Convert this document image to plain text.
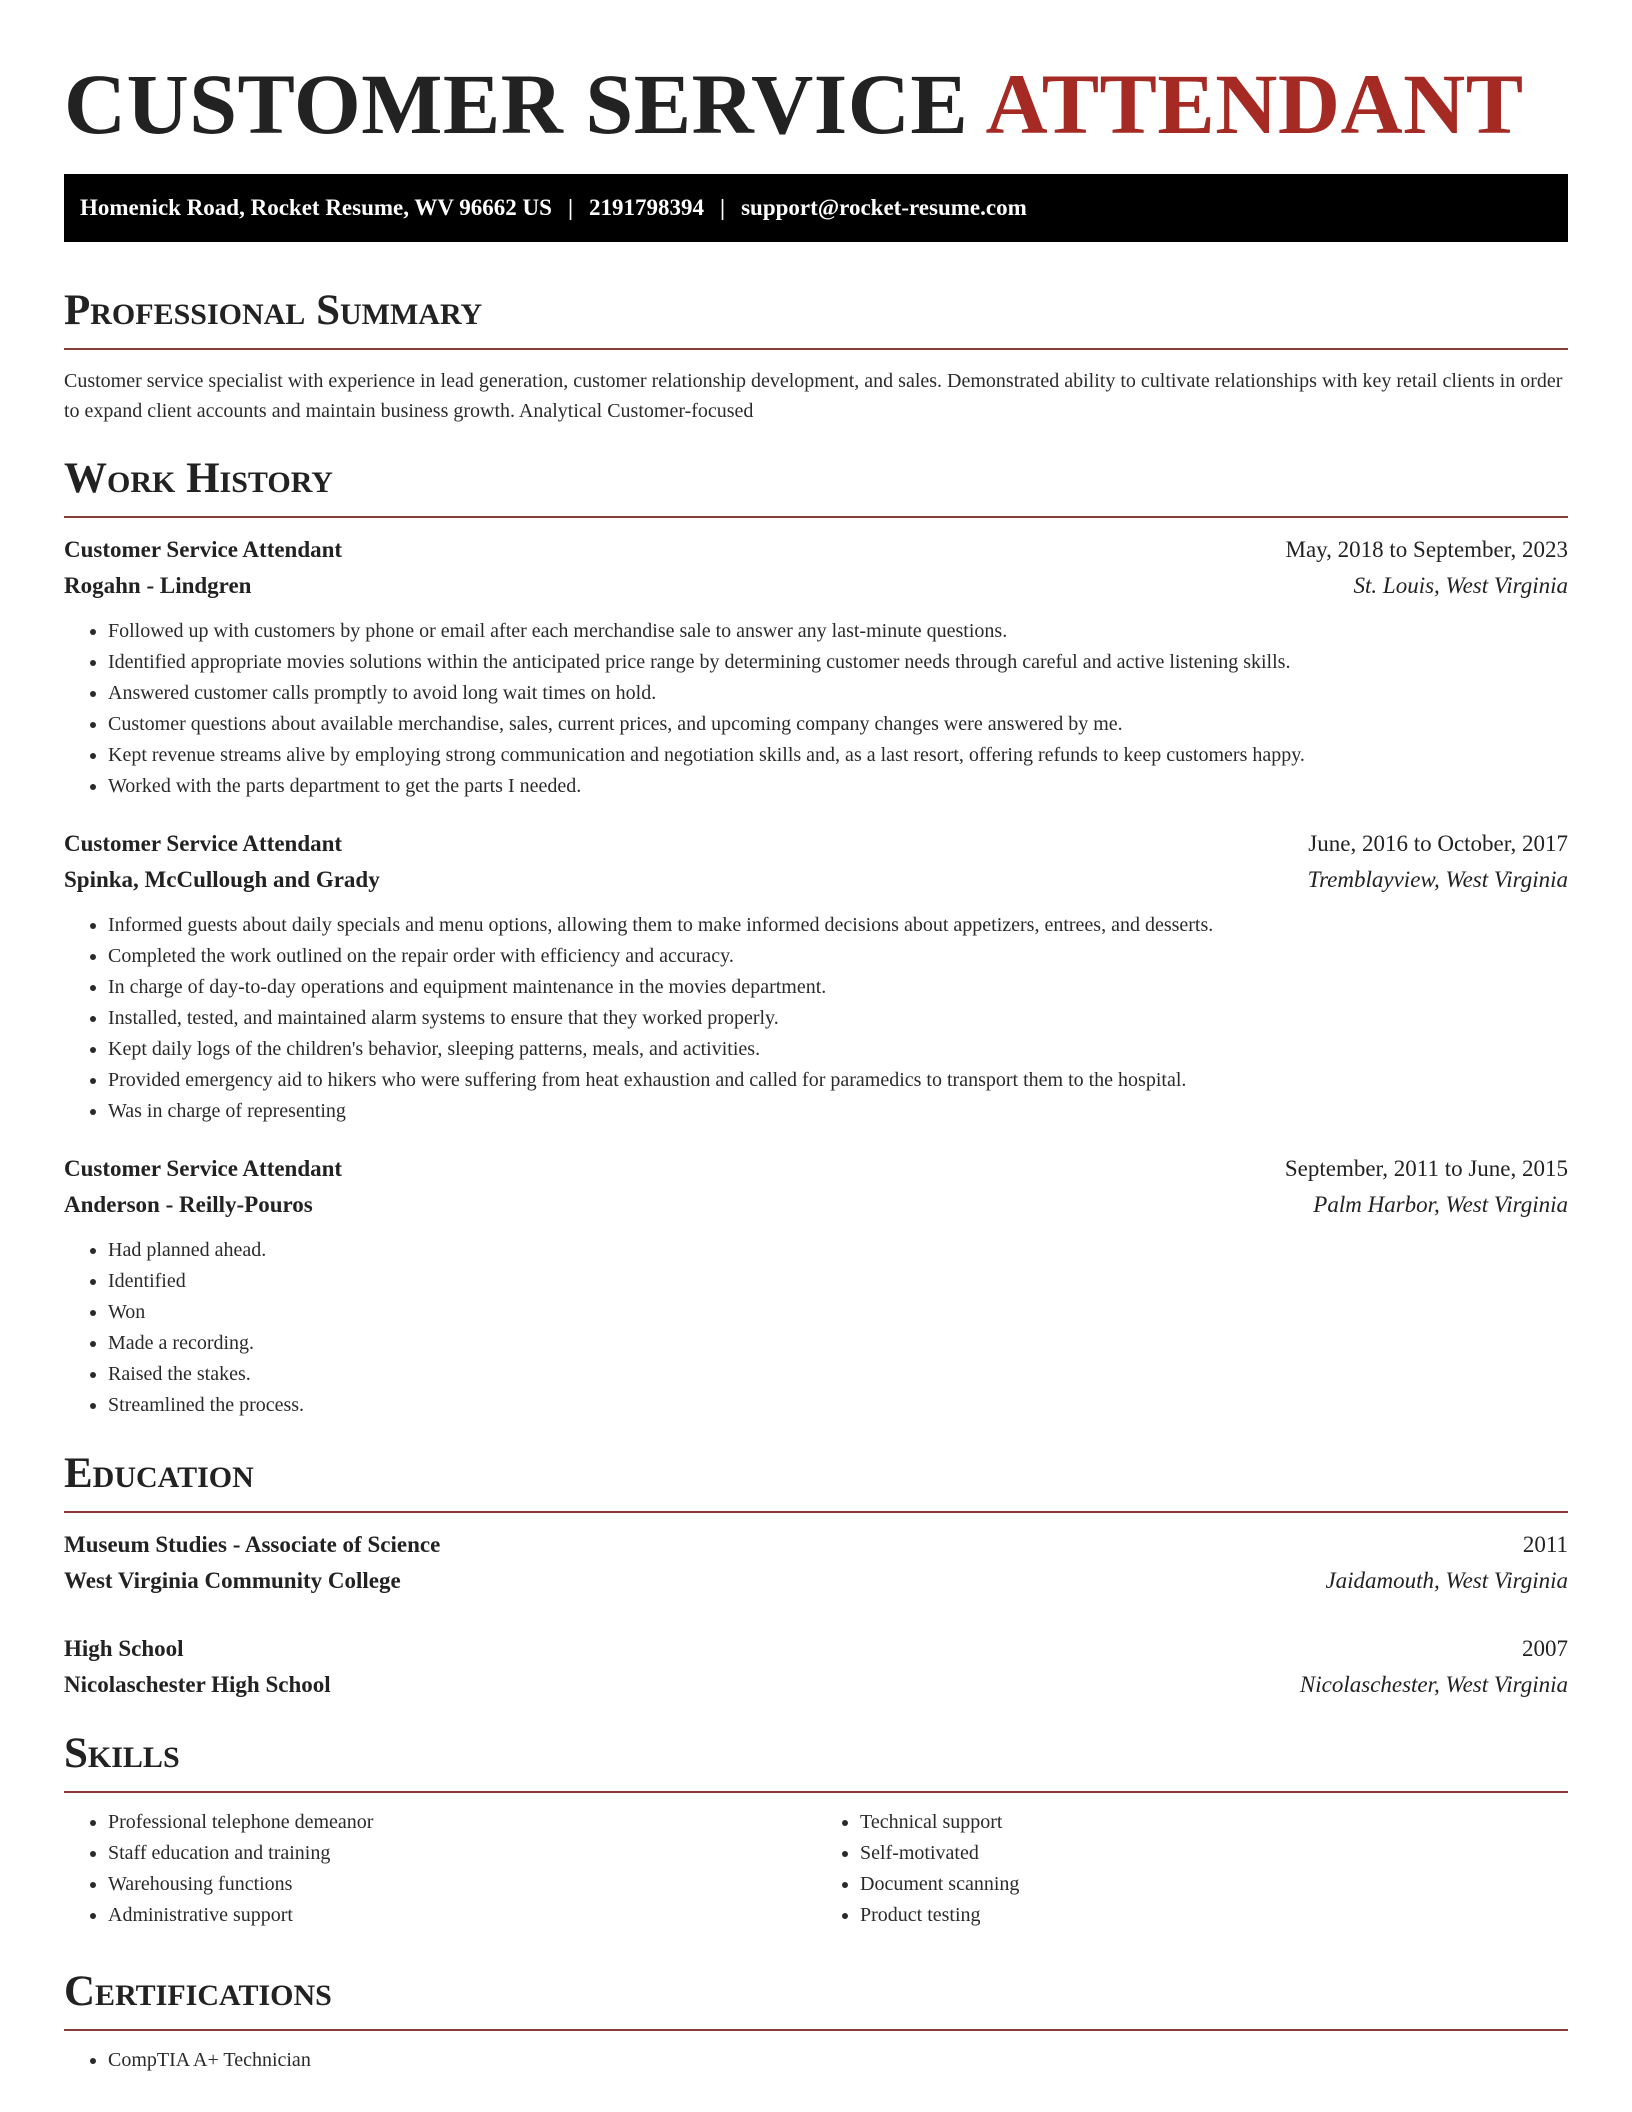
CUSTOMER SERVICE ATTENDANT
Homenick Road, Rocket Resume, WV 96662 US | 2191798394 | support@rocket-resume.com
Professional Summary
Customer service specialist with experience in lead generation, customer relationship development, and sales. Demonstrated ability to cultivate relationships with key retail clients in order to expand client accounts and maintain business growth. Analytical Customer-focused
Work History
Customer Service Attendant	May, 2018 to September, 2023
Rogahn - Lindgren	St. Louis, West Virginia
• Followed up with customers by phone or email after each merchandise sale to answer any last-minute questions.
• Identified appropriate movies solutions within the anticipated price range by determining customer needs through careful and active listening skills.
• Answered customer calls promptly to avoid long wait times on hold.
• Customer questions about available merchandise, sales, current prices, and upcoming company changes were answered by me.
• Kept revenue streams alive by employing strong communication and negotiation skills and, as a last resort, offering refunds to keep customers happy.
• Worked with the parts department to get the parts I needed.
Customer Service Attendant	June, 2016 to October, 2017
Spinka, McCullough and Grady	Tremblayview, West Virginia
• Informed guests about daily specials and menu options, allowing them to make informed decisions about appetizers, entrees, and desserts.
• Completed the work outlined on the repair order with efficiency and accuracy.
• In charge of day-to-day operations and equipment maintenance in the movies department.
• Installed, tested, and maintained alarm systems to ensure that they worked properly.
• Kept daily logs of the children's behavior, sleeping patterns, meals, and activities.
• Provided emergency aid to hikers who were suffering from heat exhaustion and called for paramedics to transport them to the hospital.
• Was in charge of representing
Customer Service Attendant	September, 2011 to June, 2015
Anderson - Reilly-Pouros	Palm Harbor, West Virginia
• Had planned ahead.
• Identified
• Won
• Made a recording.
• Raised the stakes.
• Streamlined the process.
Education
Museum Studies - Associate of Science	2011
West Virginia Community College	Jaidamouth, West Virginia
High School	2007
Nicolaschester High School	Nicolaschester, West Virginia
Skills
• Professional telephone demeanor
• Staff education and training
• Warehousing functions
• Administrative support
• Technical support
• Self-motivated
• Document scanning
• Product testing
Certifications
• CompTIA A+ Technician
